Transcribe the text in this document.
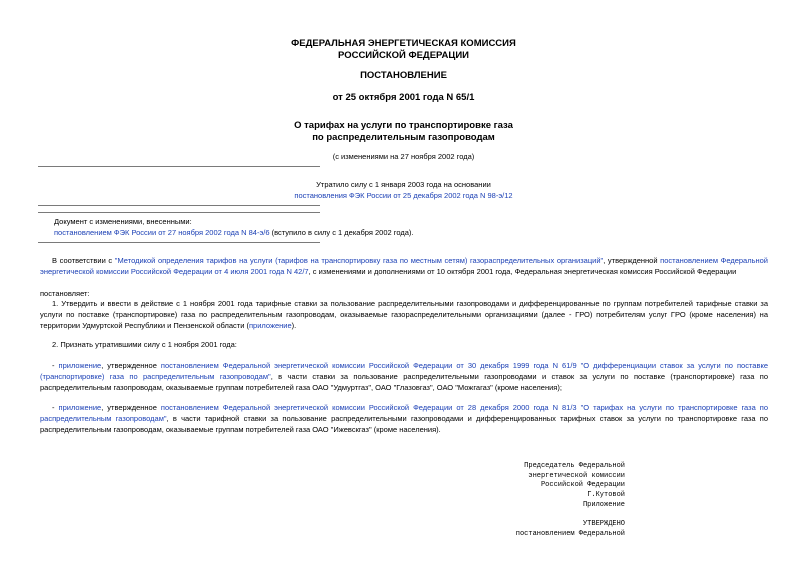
ФЕДЕРАЛЬНАЯ ЭНЕРГЕТИЧЕСКАЯ КОМИССИЯ
РОССИЙСКОЙ ФЕДЕРАЦИИ
ПОСТАНОВЛЕНИЕ
от 25 октября 2001 года N 65/1
О тарифах на услуги по транспортировке газа
по распределительным газопроводам
(с изменениями на 27 ноября 2002 года)
Утратило силу с 1 января 2003 года на основании
постановления ФЭК России от 25 декабря 2002 года N 98-э/12
Документ с изменениями, внесенными:
постановлением ФЭК России от 27 ноября 2002 года N 84-э/6 (вступило в силу с 1 декабря 2002 года).
В соответствии с "Методикой определения тарифов на услуги (тарифов на транспортировку газа по местным сетям) газораспределительных организаций", утвержденной постановлением Федеральной энергетической комиссии Российской Федерации от 4 июля 2001 года N 42/7, с изменениями и дополнениями от 10 октября 2001 года, Федеральная энергетическая комиссия Российской Федерации
постановляет:
1. Утвердить и ввести в действие с 1 ноября 2001 года тарифные ставки за пользование распределительными газопроводами и дифференцированные по группам потребителей тарифные ставки за услуги по поставке (транспортировке) газа по распределительным газопроводам, оказываемые газораспределительными организациями (далее - ГРО) потребителям услуг ГРО (кроме населения) на территории Удмуртской Республики и Пензенской области (приложение).
2. Признать утратившими силу с 1 ноября 2001 года:
- приложение, утвержденное постановлением Федеральной энергетической комиссии Российской Федерации от 30 декабря 1999 года N 61/9 "О дифференциации ставок за услуги по поставке (транспортировке) газа по распределительным газопроводам", в части ставки за пользование распределительными газопроводами и ставок за услуги по поставке (транспортировке) газа по распределительным газопроводам, оказываемые группам потребителей газа ОАО "Удмуртгаз", ОАО "Глазовгаз", ОАО "Можгагаз" (кроме населения);
- приложение, утвержденное постановлением Федеральной энергетической комиссии Российской Федерации от 28 декабря 2000 года N 81/3 "О тарифах на услуги по транспортировке газа по распределительным газопроводам", в части тарифной ставки за пользование распределительными газопроводами и дифференцированных тарифных ставок за услуги по транспортировке газа по распределительным газопроводам, оказываемые группам потребителей газа ОАО "Ижевскгаз" (кроме населения).
Председатель Федеральной
энергетической комиссии
Российской Федерации
Г.Кутовой
Приложение
УТВЕРЖДЕНО
постановлением Федеральной
